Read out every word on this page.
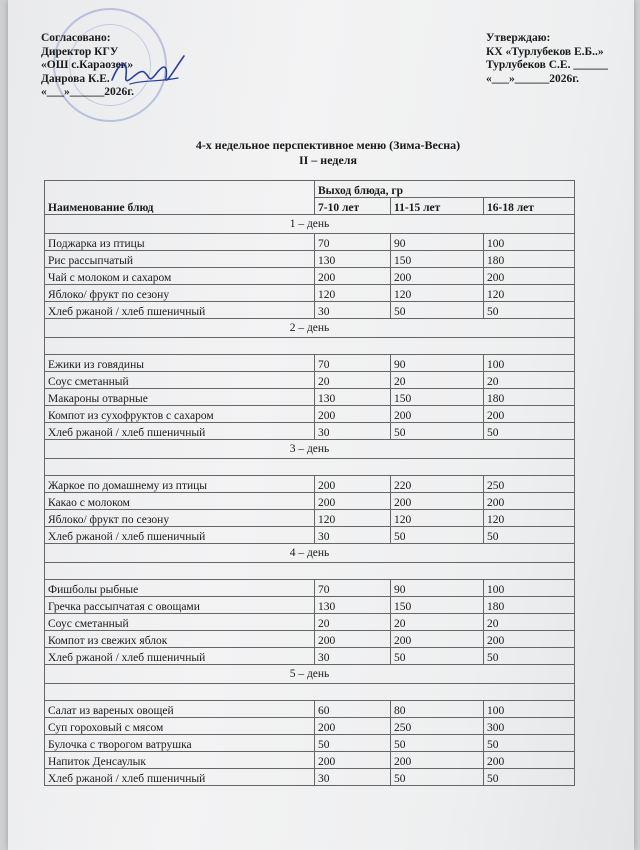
Согласовано:
Директор КГУ
«ОШ с.Караозек»
Данрова К.Е.
«___»______2026г.
Утверждаю:
КХ «Турлубеков Е.Б..»
Турлубеков С.Е. ______
«___»______2026г.
4-х недельное перспективное меню (Зима-Весна)
II – неделя
Наименование блюд	Выход блюда, гр		
	7-10 лет	11-15 лет	16-18 лет
1 – день			
Поджарка из птицы	70	90	100
Рис рассыпчатый	130	150	180
Чай с молоком и сахаром	200	200	200
Яблоко/ фрукт по сезону	120	120	120
Хлеб ржаной / хлеб пшеничный	30	50	50
2 – день			

Ежики из говядины	70	90	100
Соус сметанный	20	20	20
Макароны отварные	130	150	180
Компот из сухофруктов с сахаром	200	200	200
Хлеб ржаной / хлеб пшеничный	30	50	50
3 – день			

Жаркое по домашнему из птицы	200	220	250
Какао с молоком	200	200	200
Яблоко/ фрукт по сезону	120	120	120
Хлеб ржаной / хлеб пшеничный	30	50	50
4 – день			

Фишболы рыбные	70	90	100
Гречка рассыпчатая с овощами	130	150	180
Соус сметанный	20	20	20
Компот из свежих яблок	200	200	200
Хлеб ржаной / хлеб пшеничный	30	50	50
5 – день			

Салат из вареных овощей	60	80	100
Суп гороховый с мясом	200	250	300
Булочка с творогом ватрушка	50	50	50
Напиток Денсаулык	200	200	200
Хлеб ржаной / хлеб пшеничный	30	50	50
